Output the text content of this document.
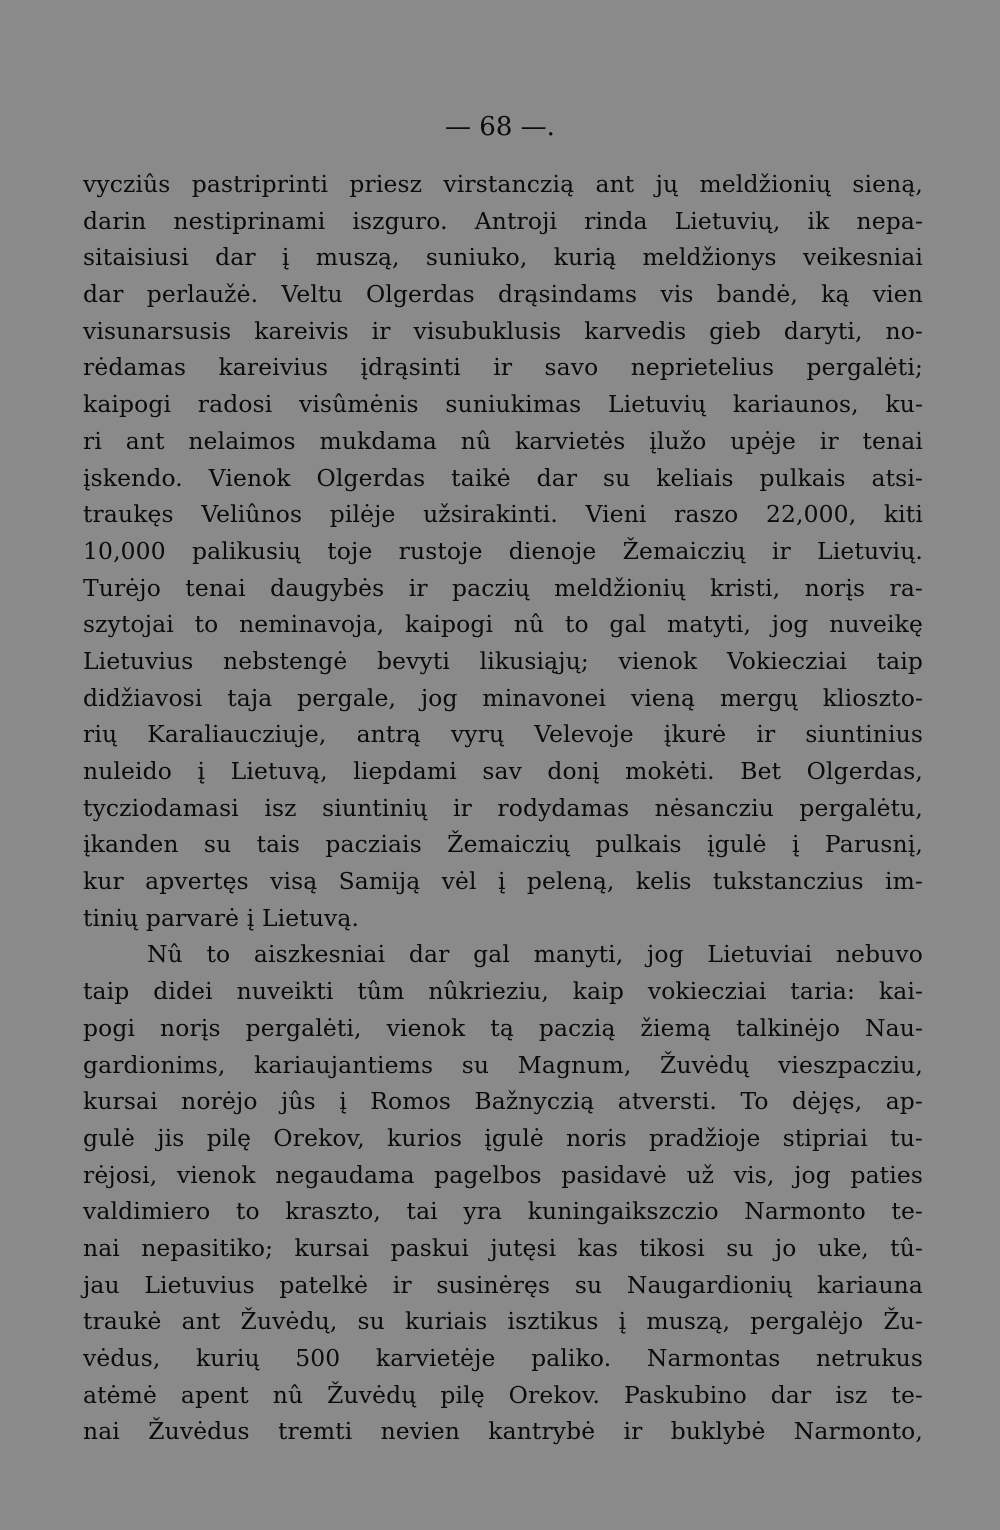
— 68 —.
vycziûs pastriprinti priesz virstanczią ant jų meldžionių sieną,
darin nestiprinami iszguro. Antroji rinda Lietuvių, ik nepa-
sitaisiusi dar į muszą, suniuko, kurią meldžionys veikesniai
dar perlaužė. Veltu Olgerdas drąsindams vis bandė, ką vien
visunarsusis kareivis ir visubuklusis karvedis gieb daryti, no-
rėdamas kareivius įdrąsinti ir savo neprietelius pergalėti;
kaipogi radosi visûmėnis suniukimas Lietuvių kariaunos, ku-
ri ant nelaimos mukdama nû karvietės įlužo upėje ir tenai
įskendo. Vienok Olgerdas taikė dar su keliais pulkais atsi-
traukęs Veliûnos pilėje užsirakinti. Vieni raszo 22,000, kiti
10,000 palikusių toje rustoje dienoje Žemaiczių ir Lietuvių.
Turėjo tenai daugybės ir paczių meldžionių kristi, norįs ra-
szytojai to neminavoja, kaipogi nû to gal matyti, jog nuveikę
Lietuvius nebstengė bevyti likusiąjų; vienok Vokiecziai taip
didžiavosi taja pergale, jog minavonei vieną mergų klioszto-
rių Karaliaucziuje, antrą vyrų Velevoje įkurė ir siuntinius
nuleido į Lietuvą, liepdami sav donį mokėti. Bet Olgerdas,
tycziodamasi isz siuntinių ir rodydamas nėsancziu pergalėtu,
įkanden su tais pacziais Žemaiczių pulkais įgulė į Parusnį,
kur apvertęs visą Samiją vėl į peleną, kelis tukstanczius im-
tinių parvarė į Lietuvą.
Nû to aiszkesniai dar gal manyti, jog Lietuviai nebuvo
taip didei nuveikti tûm nûkrieziu, kaip vokiecziai taria: kai-
pogi norįs pergalėti, vienok tą paczią žiemą talkinėjo Nau-
gardionims, kariaujantiems su Magnum, Žuvėdų vieszpacziu,
kursai norėjo jûs į Romos Bažnyczią atversti. To dėjęs, ap-
gulė jis pilę Orekov, kurios įgulė noris pradžioje stipriai tu-
rėjosi, vienok negaudama pagelbos pasidavė už vis, jog paties
valdimiero to kraszto, tai yra kuningaikszczio Narmonto te-
nai nepasitiko; kursai paskui jutęsi kas tikosi su jo uke, tû-
jau Lietuvius patelkė ir susinėręs su Naugardionių kariauna
traukė ant Žuvėdų, su kuriais isztikus į muszą, pergalėjo Žu-
vėdus, kurių 500 karvietėje paliko. Narmontas netrukus
atėmė apent nû Žuvėdų pilę Orekov. Paskubino dar isz te-
nai Žuvėdus tremti nevien kantrybė ir buklybė Narmonto,
